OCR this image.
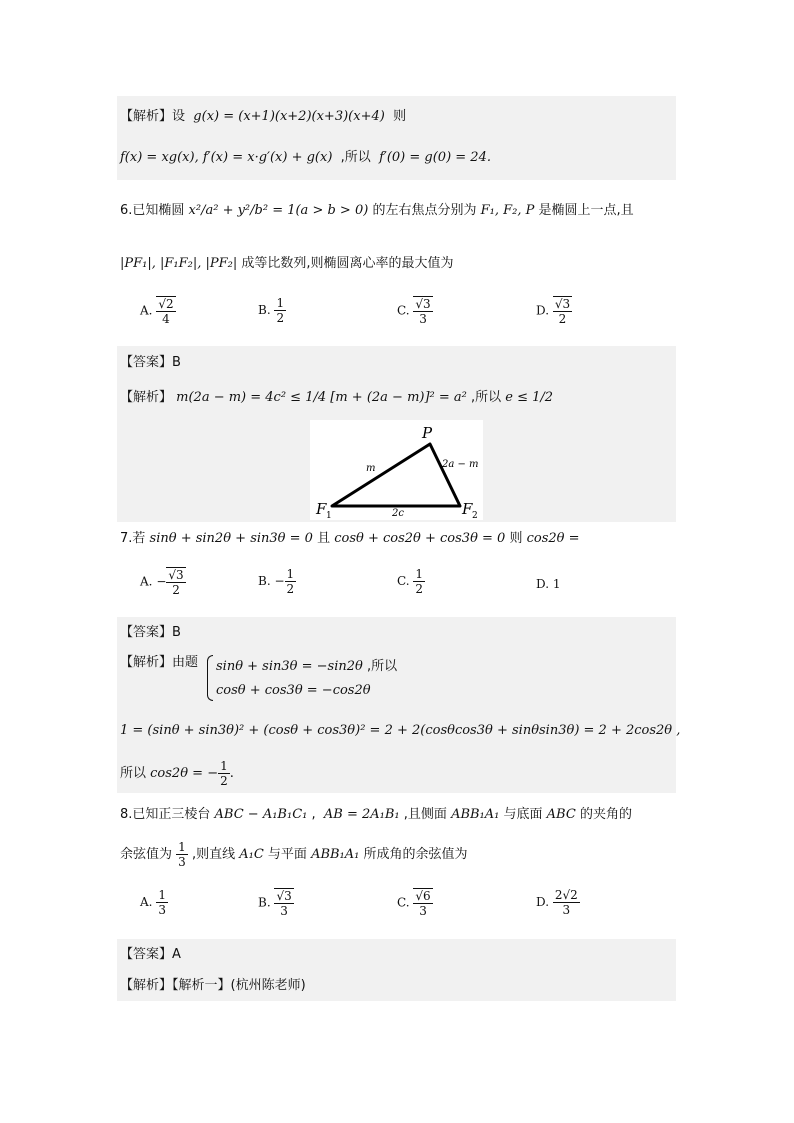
【解析】设 g(x) = (x+1)(x+2)(x+3)(x+4) 则
f(x) = xg(x), f′(x) = x·g′(x) + g(x) ,所以 f′(0) = g(0) = 24.
6.已知椭圆 x²/a² + y²/b² = 1(a > b > 0) 的左右焦点分别为 F₁, F₂, P 是椭圆上一点,且
|PF₁|, |F₁F₂|, |PF₂| 成等比数列,则椭圆离心率的最大值为
A. $\frac{√2}{4}$	B. $\frac{1}{2}$	C. $\frac{√3}{3}$	D. $\frac{√3}{2}$
【答案】B
【解析】 m(2a − m) = 4c² ≤ 1/4 [m + (2a − m)]² = a² ,所以 e ≤ 1/2
P
F 1	F 2
m	2a − m
2c
7.若 sinθ + sin2θ + sin3θ = 0 且 cosθ + cos2θ + cos3θ = 0 则 cos2θ =
A. − $\frac{√3}{2}$	B. − $\frac{1}{2}$	C. $\frac{1}{2}$	D. 1
【答案】B
【解析】由题 sinθ + sin3θ = −sin2θ ,所以
cosθ + cos3θ = −cos2θ
1 = (sinθ + sin3θ)² + (cosθ + cos3θ)² = 2 + 2(cosθcos3θ + sinθsin3θ) = 2 + 2cos2θ ,
所以 cos2θ = − $\frac{1}{2}$ .
8.已知正三棱台 ABC − A₁B₁C₁ , AB = 2A₁B₁ ,且侧面 ABB₁A₁ 与底面 ABC 的夹角的
余弦值为 $\frac{1}{3}$ ,则直线 A₁C 与平面 ABB₁A₁ 所成角的余弦值为
A. $\frac{1}{3}$	B. $\frac{√3}{3}$	C. $\frac{√6}{3}$	D. $\frac{2√2}{3}$
【答案】A
【解析】【解析一】(杭州陈老师)
